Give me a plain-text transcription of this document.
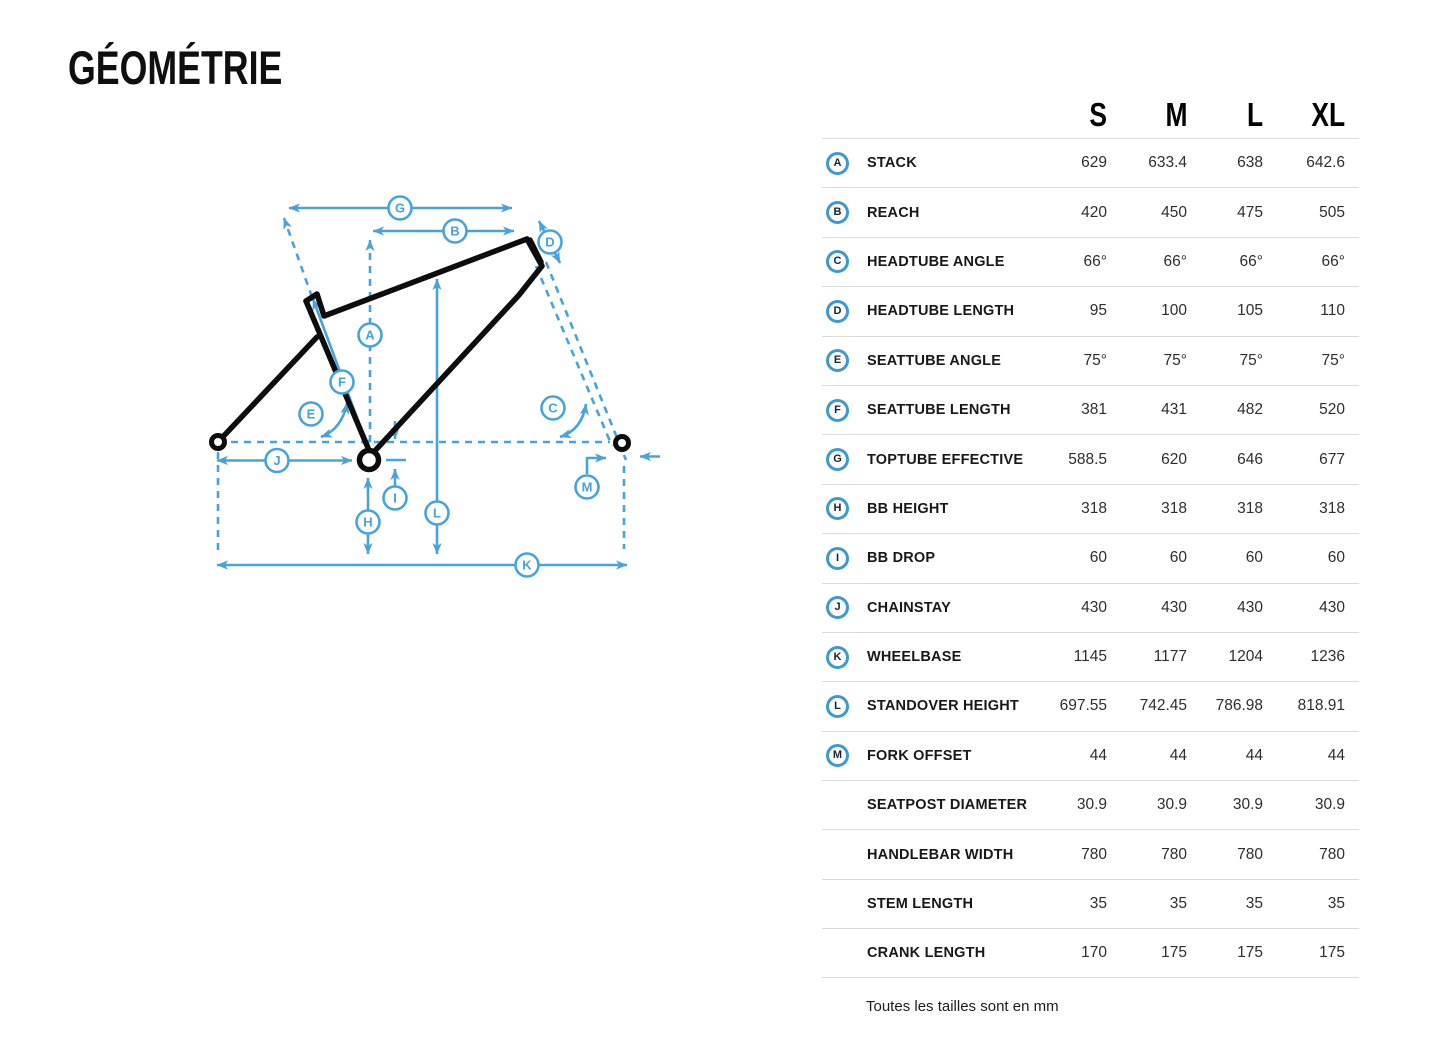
GÉOMÉTRIE
G
B
D
A
F
E	C
J
I
H
L
M
K
S	M	L	XL
A STACK	629	633.4	638	642.6
B REACH	420	450	475	505
C HEADTUBE ANGLE	66°	66°	66°	66°
D HEADTUBE LENGTH	95	100	105	110
E SEATTUBE ANGLE	75°	75°	75°	75°
F SEATTUBE LENGTH	381	431	482	520
G TOPTUBE EFFECTIVE	588.5	620	646	677
H BB HEIGHT	318	318	318	318
I BB DROP	60	60	60	60
J CHAINSTAY	430	430	430	430
K WHEELBASE	1145	1177	1204	1236
L STANDOVER HEIGHT	697.55	742.45	786.98	818.91
M FORK OFFSET	44	44	44	44
SEATPOST DIAMETER	30.9	30.9	30.9	30.9
HANDLEBAR WIDTH	780	780	780	780
STEM LENGTH	35	35	35	35
CRANK LENGTH	170	175	175	175

Toutes les tailles sont en mm
